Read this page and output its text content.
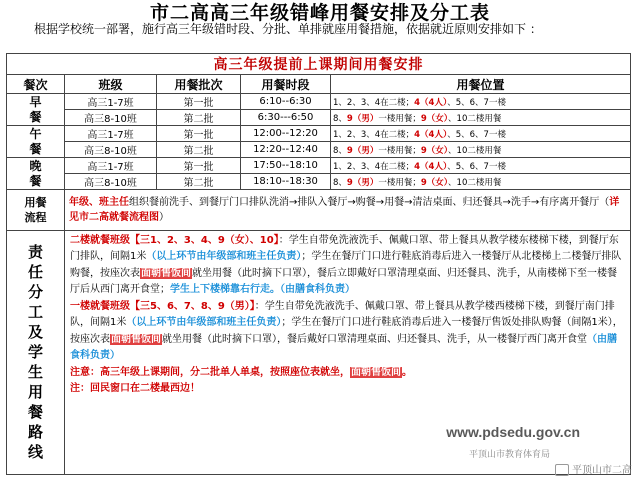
市二高高三年级错峰用餐安排及分工表
根据学校统一部署，施行高三年级错时段、分批、单排就座用餐措施，依据就近原则安排如下 ：
高三年级提前上课期间用餐安排				
餐次	班级	用餐批次	用餐时段	用餐位置
早餐	高三1-7班	第一批	6:10--6:30	1、2、3、4在二楼；4（4人）、5、6、7一楼
	高三8-10班	第二批	6:30---6:50	8、9（男）一楼用餐；9（女）、10二楼用餐
午餐	高三1-7班	第一批	12:00--12:20	1、2、3、4在二楼；4（4人）、5、6、7一楼
	高三8-10班	第二批	12:20--12:40	8、9（男）一楼用餐；9（女）、10二楼用餐
晚餐	高三1-7班	第一批	17:50--18:10	1、2、3、4在二楼；4（4人）、5、6、7一楼
	高三8-10班	第二批	18:10--18:30	8、9（男）一楼用餐；9（女）、10二楼用餐
用餐流程	年级、班主任组织餐前洗手、到餐厅门口排队洗消→排队入餐厅→购餐→用餐→清洁桌面、归还餐具→洗手→有序离开餐厅（详见市二高就餐流程图）			
责任分工及学生用餐路线	二楼就餐班级【三1、2、3、4、9（女）、10】：学生自带免洗液洗手、佩戴口罩、带上餐具从教学楼东楼梯下楼，到餐厅东门排队，间隔1米（以上环节由年级部和班主任负责）；学生在餐厅门口进行鞋底消毒后进入一楼餐厅从北楼梯上二楼餐厅排队购餐，按座次表面朝售饭间就坐用餐（此时摘下口罩），餐后立即戴好口罩清理桌面、归还餐具、洗手，从南楼梯下至一楼餐厅后从西门离开食堂；学生上下楼梯靠右行走。（由膳食科负责）
一楼就餐班级【三5、6、7、8、9（男）】：学生自带免洗液洗手、佩戴口罩、带上餐具从教学楼西楼梯下楼，到餐厅南门排队，间隔1米（以上环节由年级部和班主任负责）；学生在餐厅门口进行鞋底消毒后进入一楼餐厅售饭处排队购餐（间隔1米），按座次表面朝售饭间就坐用餐（此时摘下口罩），餐后戴好口罩清理桌面、归还餐具、洗手，从一楼餐厅西门离开食堂（由膳食科负责）
注意：高三年级上课期间，分二批单人单桌，按照座位表就坐，面朝售饭间。
注：回民窗口在二楼最西边！			
www.pdsedu.gov.cn
平顶山市教育体育局
平顶山市二高
